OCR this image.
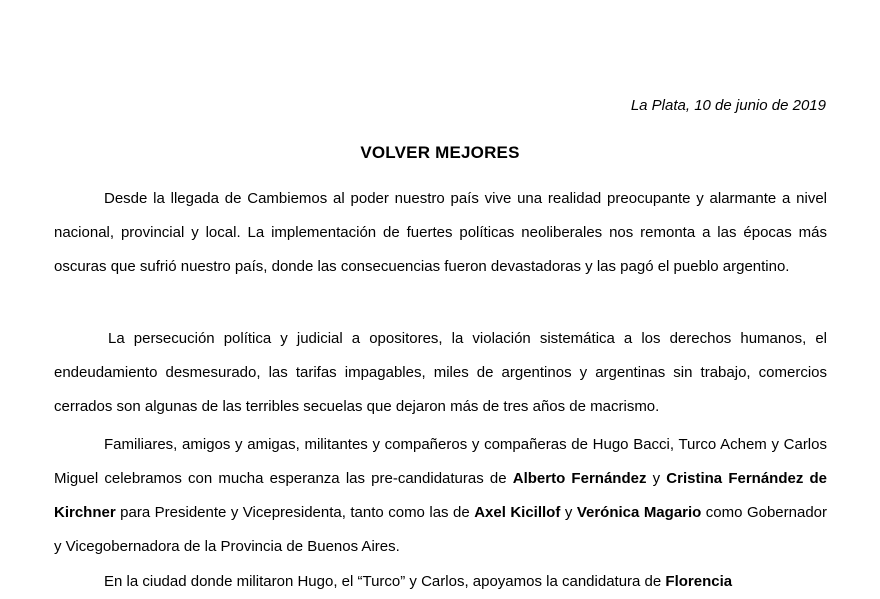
La Plata, 10 de junio de 2019
VOLVER MEJORES
Desde la llegada de Cambiemos al poder nuestro país vive una realidad preocupante y alarmante a nivel nacional, provincial y local. La implementación de fuertes políticas neoliberales nos remonta a las épocas más oscuras que sufrió nuestro país, donde las consecuencias fueron devastadoras y las pagó el pueblo argentino.
La persecución política y judicial a opositores, la violación sistemática a los derechos humanos, el endeudamiento desmesurado, las tarifas impagables, miles de argentinos y argentinas sin trabajo, comercios cerrados son algunas de las terribles secuelas que dejaron más de tres años de macrismo.
Familiares, amigos y amigas, militantes y compañeros y compañeras de Hugo Bacci, Turco Achem y Carlos Miguel celebramos con mucha esperanza las pre-candidaturas de Alberto Fernández y Cristina Fernández de Kirchner para Presidente y Vicepresidenta, tanto como las de Axel Kicillof y Verónica Magario como Gobernador y Vicegobernadora de la Provincia de Buenos Aires.
En la ciudad donde militaron Hugo, el “Turco” y Carlos, apoyamos la candidatura de Florencia
